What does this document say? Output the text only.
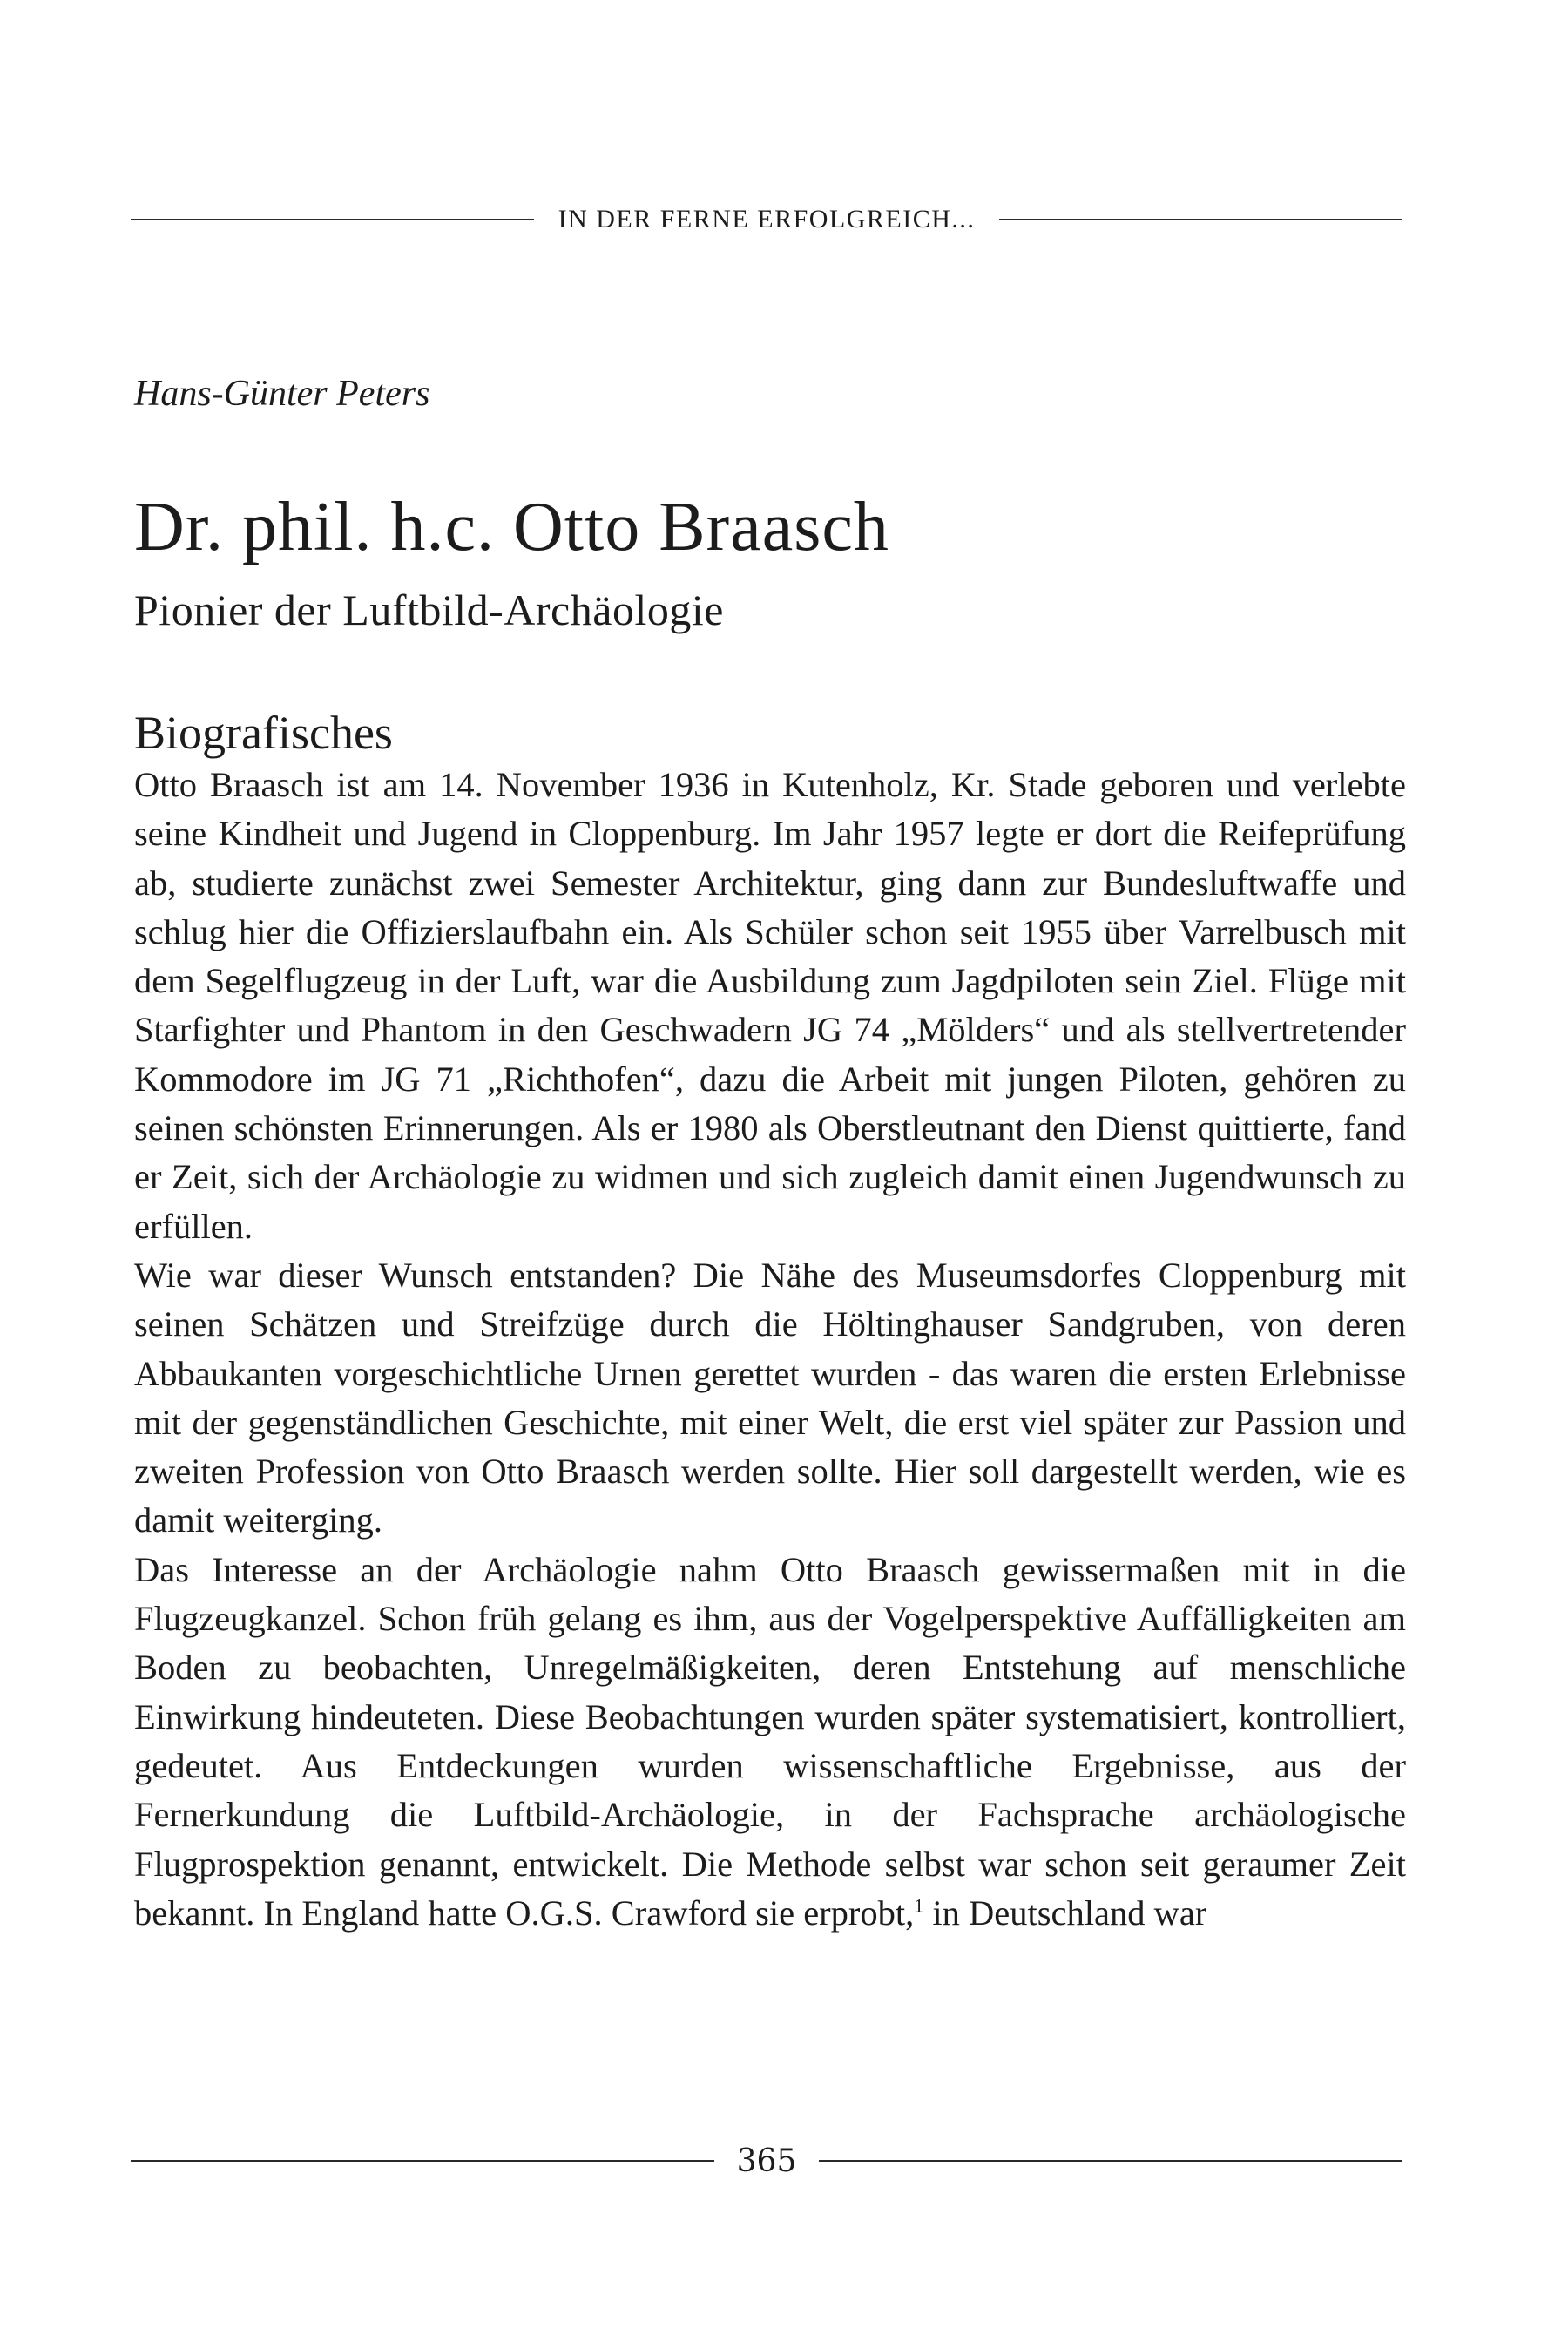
IN DER FERNE ERFOLGREICH...
Hans-Günter Peters
Dr. phil. h.c. Otto Braasch
Pionier der Luftbild-Archäologie
Biografisches

Otto Braasch ist am 14. November 1936 in Kutenholz, Kr. Stade geboren und verlebte seine Kindheit und Jugend in Cloppenburg. Im Jahr 1957 legte er dort die Reifeprüfung ab, studierte zunächst zwei Semester Architektur, ging dann zur Bundesluftwaffe und schlug hier die Offizierslaufbahn ein. Als Schüler schon seit 1955 über Varrelbusch mit dem Segelflugzeug in der Luft, war die Ausbildung zum Jagdpiloten sein Ziel. Flüge mit Starfighter und Phantom in den Geschwadern JG 74 „Mölders“ und als stellvertretender Kommodore im JG 71 „Richthofen“, dazu die Arbeit mit jungen Piloten, gehören zu seinen schönsten Erinnerungen. Als er 1980 als Oberstleutnant den Dienst quittierte, fand er Zeit, sich der Archäologie zu widmen und sich zugleich damit einen Jugendwunsch zu erfüllen.

Wie war dieser Wunsch entstanden? Die Nähe des Museumsdorfes Cloppenburg mit seinen Schätzen und Streifzüge durch die Höltinghauser Sandgruben, von deren Abbaukanten vorgeschichtliche Urnen gerettet wurden - das waren die ersten Erlebnisse mit der gegenständlichen Geschichte, mit einer Welt, die erst viel später zur Passion und zweiten Profession von Otto Braasch werden sollte. Hier soll dargestellt werden, wie es damit weiterging.

Das Interesse an der Archäologie nahm Otto Braasch gewissermaßen mit in die Flugzeugkanzel. Schon früh gelang es ihm, aus der Vogelperspektive Auffälligkeiten am Boden zu beobachten, Unregelmäßigkeiten, deren Entstehung auf menschliche Einwirkung hindeuteten. Diese Beobachtungen wurden später systematisiert, kontrolliert, gedeutet. Aus Entdeckungen wurden wissenschaftliche Ergebnisse, aus der Fernerkundung die Luftbild-Archäologie, in der Fachsprache archäologische Flugprospektion genannt, entwickelt. Die Methode selbst war schon seit geraumer Zeit bekannt. In England hatte O.G.S. Crawford sie erprobt,$^1$ in Deutschland war

365
